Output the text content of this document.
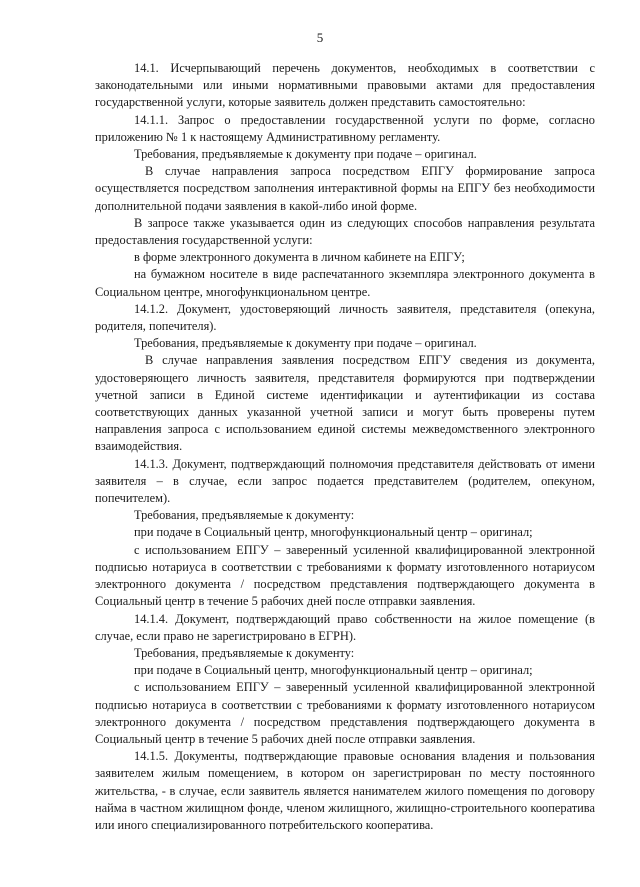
5

14.1. Исчерпывающий перечень документов, необходимых в соответствии с законодательными или иными нормативными правовыми актами для предоставления государственной услуги, которые заявитель должен представить самостоятельно:

14.1.1. Запрос о предоставлении государственной услуги по форме, согласно приложению № 1 к настоящему Административному регламенту.

Требования, предъявляемые к документу при подаче – оригинал.

В случае направления запроса посредством ЕПГУ формирование запроса осуществляется посредством заполнения интерактивной формы на ЕПГУ без необходимости дополнительной подачи заявления в какой-либо иной форме.

В запросе также указывается один из следующих способов направления результата предоставления государственной услуги:

в форме электронного документа в личном кабинете на ЕПГУ;

на бумажном носителе в виде распечатанного экземпляра электронного документа в Социальном центре, многофункциональном центре.

14.1.2. Документ, удостоверяющий личность заявителя, представителя (опекуна, родителя, попечителя).

Требования, предъявляемые к документу при подаче – оригинал.

В случае направления заявления посредством ЕПГУ сведения из документа, удостоверяющего личность заявителя, представителя формируются при подтверждении учетной записи в Единой системе идентификации и аутентификации из состава соответствующих данных указанной учетной записи и могут быть проверены путем направления запроса с использованием единой системы межведомственного электронного взаимодействия.

14.1.3. Документ, подтверждающий полномочия представителя действовать от имени заявителя – в случае, если запрос подается представителем (родителем, опекуном, попечителем).

Требования, предъявляемые к документу:

при подаче в Социальный центр, многофункциональный центр – оригинал;

с использованием ЕПГУ – заверенный усиленной квалифицированной электронной подписью нотариуса в соответствии с требованиями к формату изготовленного нотариусом электронного документа / посредством представления подтверждающего документа в Социальный центр в течение 5 рабочих дней после отправки заявления.

14.1.4. Документ, подтверждающий право собственности на жилое помещение (в случае, если право не зарегистрировано в ЕГРН).

Требования, предъявляемые к документу:

при подаче в Социальный центр, многофункциональный центр – оригинал;

с использованием ЕПГУ – заверенный усиленной квалифицированной электронной подписью нотариуса в соответствии с требованиями к формату изготовленного нотариусом электронного документа / посредством представления подтверждающего документа в Социальный центр в течение 5 рабочих дней после отправки заявления.

14.1.5. Документы, подтверждающие правовые основания владения и пользования заявителем жилым помещением, в котором он зарегистрирован по месту постоянного жительства, - в случае, если заявитель является нанимателем жилого помещения по договору найма в частном жилищном фонде, членом жилищного, жилищно-строительного кооператива или иного специализированного потребительского кооператива.
